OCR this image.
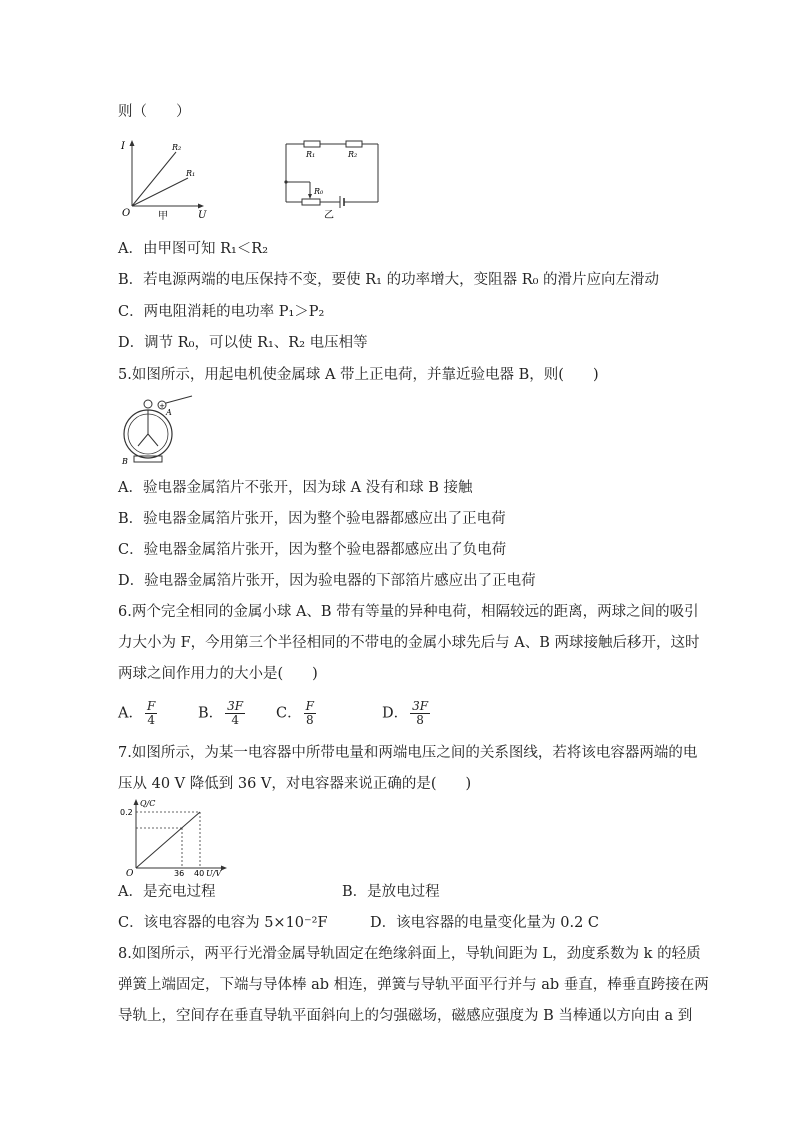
则（　　）
I
U
O
R₂
R₁
甲
R₁	R₂
R₀
乙
A．由甲图可知 R₁＜R₂
B．若电源两端的电压保持不变，要使 R₁ 的功率增大，变阻器 R₀ 的滑片应向左滑动
C．两电阻消耗的电功率 P₁＞P₂
D．调节 R₀，可以使 R₁、R₂ 电压相等
5.如图所示，用起电机使金属球 A 带上正电荷，并靠近验电器 B，则(　　)
+
A
B
A．验电器金属箔片不张开，因为球 A 没有和球 B 接触
B．验电器金属箔片张开，因为整个验电器都感应出了正电荷
C．验电器金属箔片张开，因为整个验电器都感应出了负电荷
D．验电器金属箔片张开，因为验电器的下部箔片感应出了正电荷
6.两个完全相同的金属小球 A、B 带有等量的异种电荷，相隔较远的距离，两球之间的吸引
力大小为 F，今用第三个半径相同的不带电的金属小球先后与 A、B 两球接触后移开，这时
两球之间作用力的大小是(　　)
A． $\frac{F}{4}$	B． $\frac{3F}{4}$ C． $\frac{F}{8}$	D． $\frac{3F}{8}$
7.如图所示，为某一电容器中所带电量和两端电压之间的关系图线，若将该电容器两端的电
压从 40 V 降低到 36 V，对电容器来说正确的是(　　)
Q/C
U/V
O
0.2
36 40
A．是充电过程	B．是放电过程
C．该电容器的电容为 5×10⁻²F	D．该电容器的电量变化量为 0.2 C
8.如图所示，两平行光滑金属导轨固定在绝缘斜面上，导轨间距为 L，劲度系数为 k 的轻质
弹簧上端固定，下端与导体棒 ab 相连，弹簧与导轨平面平行并与 ab 垂直，棒垂直跨接在两
导轨上，空间存在垂直导轨平面斜向上的匀强磁场，磁感应强度为 B 当棒通以方向由 a 到
